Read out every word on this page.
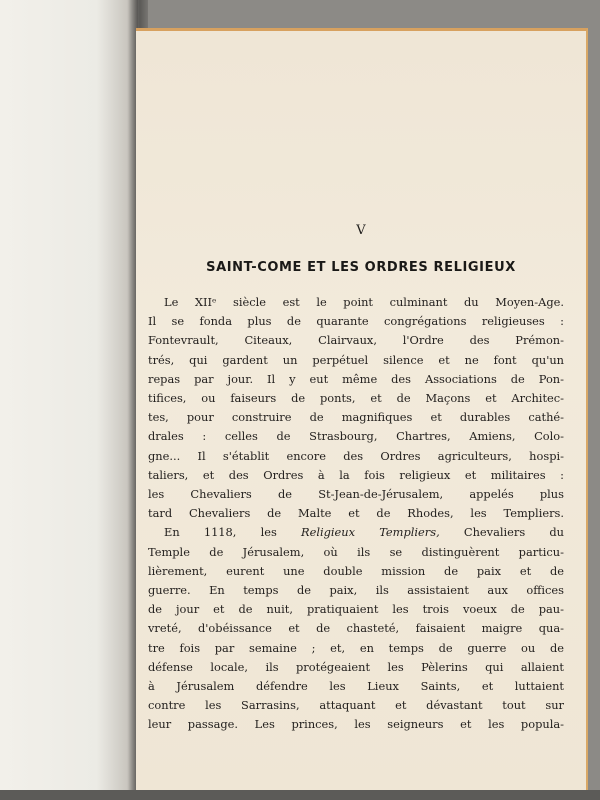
V
SAINT-COME ET LES ORDRES RELIGIEUX
Le XIIᵉ siècle est le point culminant du Moyen-Age.
Il se fonda plus de quarante congrégations religieuses :
Fontevrault, Citeaux, Clairvaux, l'Ordre des Prémon-
trés, qui gardent un perpétuel silence et ne font qu'un
repas par jour. Il y eut même des Associations de Pon-
tifices, ou faiseurs de ponts, et de Maçons et Architec-
tes, pour construire de magnifiques et durables cathé-
drales : celles de Strasbourg, Chartres, Amiens, Colo-
gne... Il s'établit encore des Ordres agriculteurs, hospi-
taliers, et des Ordres à la fois religieux et militaires :
les Chevaliers de St-Jean-de-Jérusalem, appelés plus
tard Chevaliers de Malte et de Rhodes, les Templiers.
En 1118, les Religieux Templiers, Chevaliers du
Temple de Jérusalem, où ils se distinguèrent particu-
lièrement, eurent une double mission de paix et de
guerre. En temps de paix, ils assistaient aux offices
de jour et de nuit, pratiquaient les trois voeux de pau-
vreté, d'obéissance et de chasteté, faisaient maigre qua-
tre fois par semaine ; et, en temps de guerre ou de
défense locale, ils protégeaient les Pèlerins qui allaient
à Jérusalem défendre les Lieux Saints, et luttaient
contre les Sarrasins, attaquant et dévastant tout sur
leur passage. Les princes, les seigneurs et les popula-
